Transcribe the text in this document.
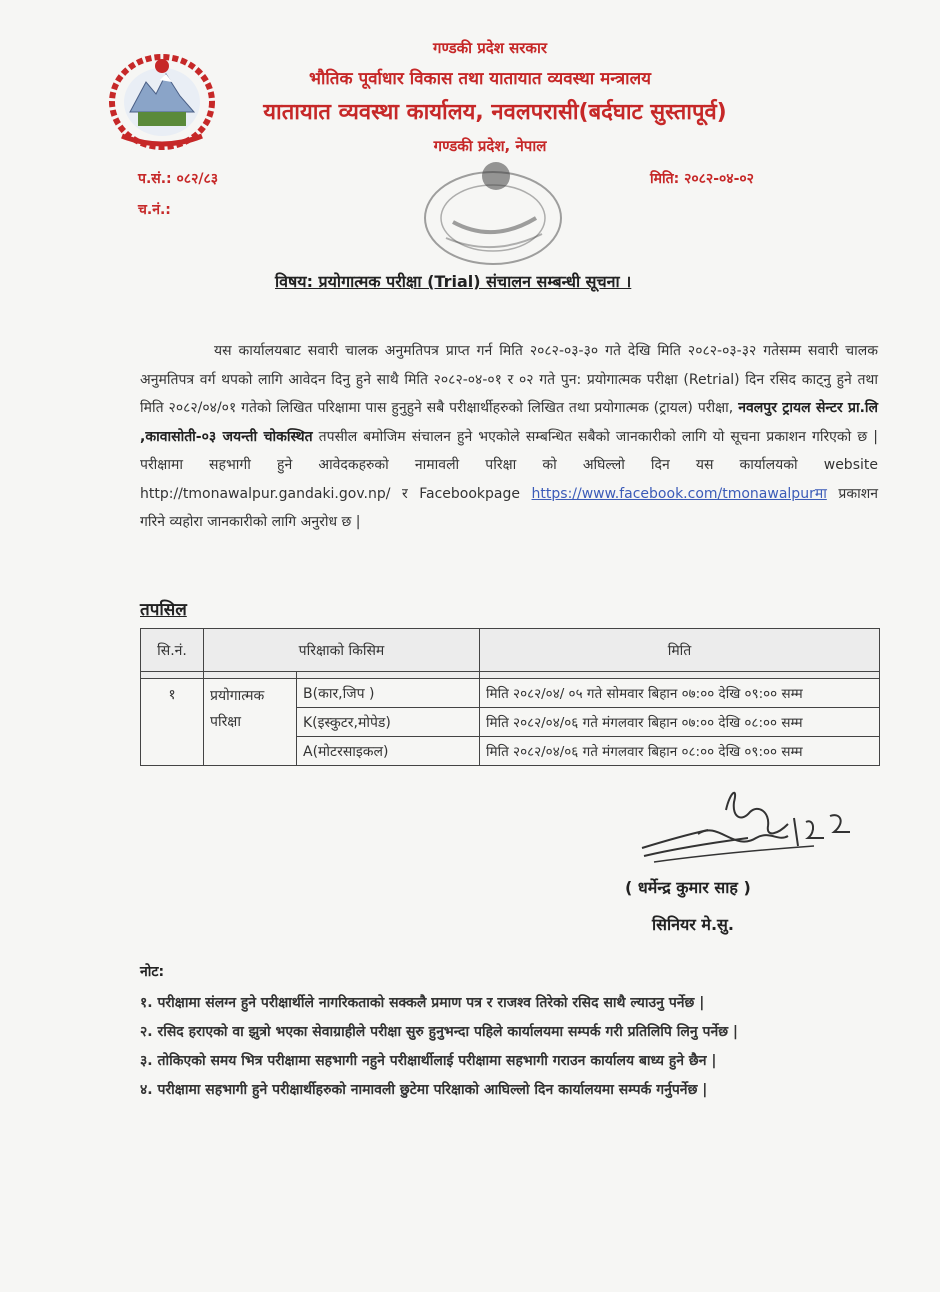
गण्डकी प्रदेश सरकार
भौतिक पूर्वाधार विकास तथा यातायात व्यवस्था मन्त्रालय
यातायात व्यवस्था कार्यालय, नवलपरासी(बर्दघाट सुस्तापूर्व)
गण्डकी प्रदेश, नेपाल
प.सं.: ०८२/८३
च.नं.:
मिति: २०८२-०४-०२
विषय: प्रयोगात्मक परीक्षा (Trial) संचालन सम्बन्धी सूचना ।
यस कार्यालयबाट सवारी चालक अनुमतिपत्र प्राप्त गर्न मिति २०८२-०३-३० गते देखि मिति २०८२-०३-३२ गतेसम्म सवारी चालक अनुमतिपत्र वर्ग थपको लागि आवेदन दिनु हुने साथै मिति २०८२-०४-०१ र ०२ गते पुन: प्रयोगात्मक परीक्षा (Retrial) दिन रसिद काट्नु हुने तथा मिति २०८२/०४/०१ गतेको लिखित परिक्षामा पास हुनुहुने सबै परीक्षार्थीहरुको लिखित तथा प्रयोगात्मक (ट्रायल) परीक्षा, नवलपुर ट्रायल सेन्टर प्रा.लि ,कावासोती-०३ जयन्ती चोकस्थित तपसील बमोजिम संचालन हुने भएकोले सम्बन्धित सबैको जानकारीको लागि यो सूचना प्रकाशन गरिएको छ | परीक्षामा सहभागी हुने आवेदकहरुको नामावली परिक्षा को अघिल्लो दिन यस कार्यालयको website http://tmonawalpur.gandaki.gov.np/ र Facebookpage https://www.facebook.com/tmonawalpurमा प्रकाशन गरिने व्यहोरा जानकारीको लागि अनुरोध छ |
तपसिल
सि.नं.	परिक्षाको किसिम		मिति

१	प्रयोगात्मक परिक्षा	B(कार,जिप )	मिति २०८२/०४/ ०५ गते सोमवार बिहान ०७:०० देखि ०९:०० सम्म
		K(इस्कुटर,मोपेड)	मिति २०८२/०४/०६ गते मंगलवार बिहान ०७:०० देखि ०८:०० सम्म
		A(मोटरसाइकल)	मिति २०८२/०४/०६ गते मंगलवार बिहान ०८:०० देखि ०९:०० सम्म
( धर्मेन्द्र कुमार साह )
सिनियर मे.सु.
नोट:
१. परीक्षामा संलग्न हुने परीक्षार्थीले नागरिकताको सक्कलै प्रमाण पत्र र राजश्व तिरेको रसिद साथै ल्याउनु पर्नेछ |
२. रसिद हराएको वा झुत्रो भएका सेवाग्राहीले परीक्षा सुरु हुनुभन्दा पहिले कार्यालयमा सम्पर्क गरी प्रतिलिपि लिनु पर्नेछ |
३. तोकिएको समय भित्र परीक्षामा सहभागी नहुने परीक्षार्थीलाई परीक्षामा सहभागी गराउन कार्यालय बाध्य हुने छैन |
४. परीक्षामा सहभागी हुने परीक्षार्थीहरुको नामावली छुटेमा परिक्षाको आघिल्लो दिन कार्यालयमा सम्पर्क गर्नुपर्नेछ |
